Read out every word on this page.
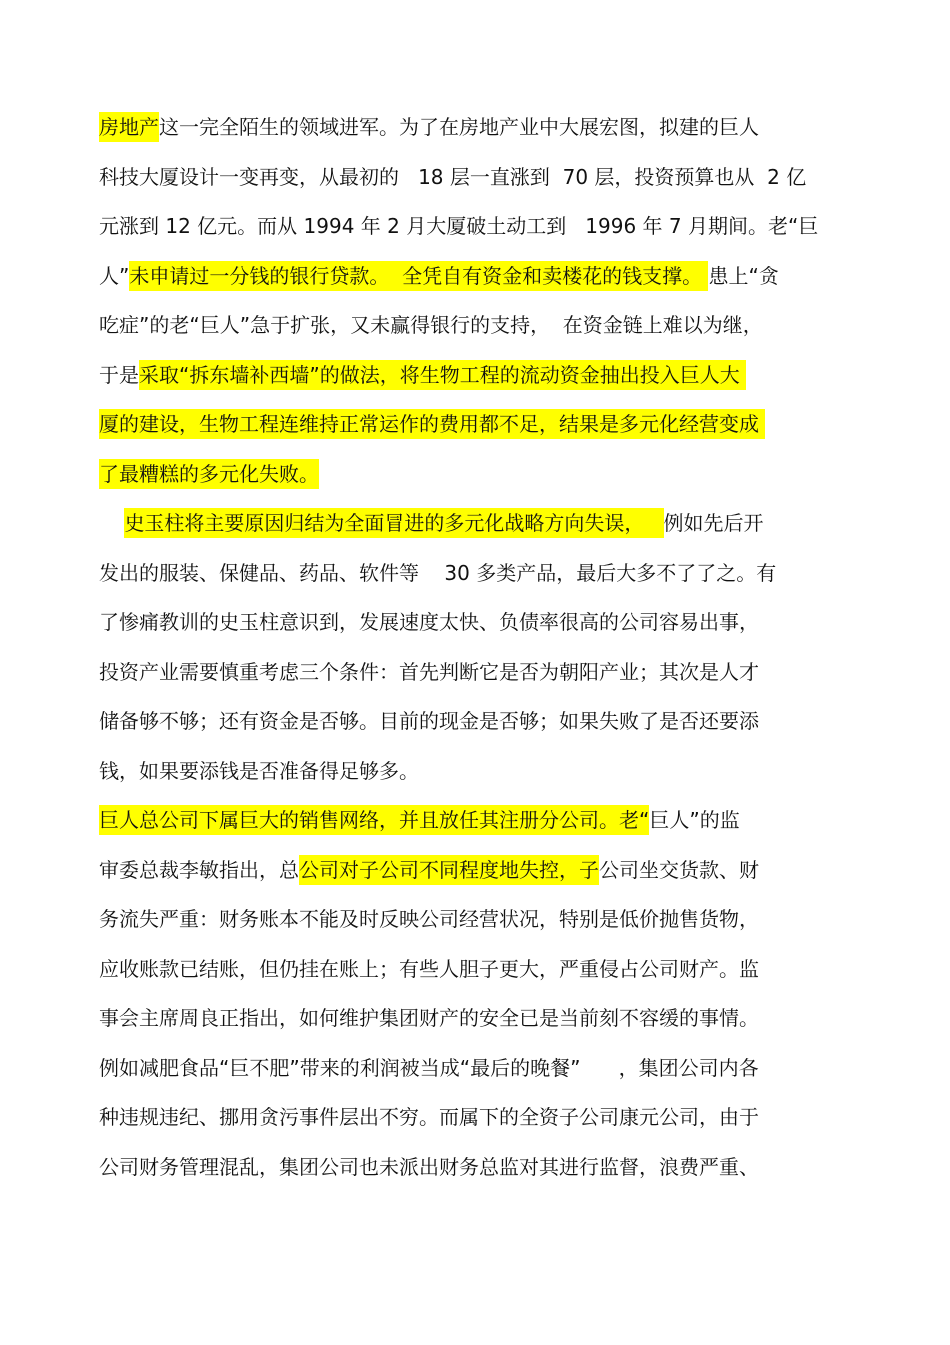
房地产这一完全陌生的领域进军。为了在房地产业中大展宏图，拟建的巨人
科技大厦设计一变再变，从最初的   18 层一直涨到  70 层，投资预算也从  2 亿
元涨到 12 亿元。而从 1994 年 2 月大厦破土动工到   1996 年 7 月期间。老“巨
人”未申请过一分钱的银行贷款。  全凭自有资金和卖楼花的钱支撑。 患上“贪
吃症”的老“巨人”急于扩张，又未赢得银行的支持，  在资金链上难以为继，
于是采取“拆东墙补西墙”的做法，将生物工程的流动资金抽出投入巨人大
厦的建设，生物工程连维持正常运作的费用都不足，结果是多元化经营变成
了最糟糕的多元化失败。
史玉柱将主要原因归结为全面冒进的多元化战略方向失误，   例如先后开
发出的服装、保健品、药品、软件等    30 多类产品，最后大多不了了之。有
了惨痛教训的史玉柱意识到，发展速度太快、负债率很高的公司容易出事，
投资产业需要慎重考虑三个条件：首先判断它是否为朝阳产业；其次是人才
储备够不够；还有资金是否够。目前的现金是否够；如果失败了是否还要添
钱，如果要添钱是否准备得足够多。
巨人总公司下属巨大的销售网络，并且放任其注册分公司。老“巨人”的监
审委总裁李敏指出，总公司对子公司不同程度地失控，子公司坐交货款、财
务流失严重：财务账本不能及时反映公司经营状况，特别是低价抛售货物，
应收账款已结账，但仍挂在账上；有些人胆子更大，严重侵占公司财产。监
事会主席周良正指出，如何维护集团财产的安全已是当前刻不容缓的事情。
例如减肥食品“巨不肥”带来的利润被当成“最后的晚餐”      ，集团公司内各
种违规违纪、挪用贪污事件层出不穷。而属下的全资子公司康元公司，由于
公司财务管理混乱，集团公司也未派出财务总监对其进行监督，浪费严重、
